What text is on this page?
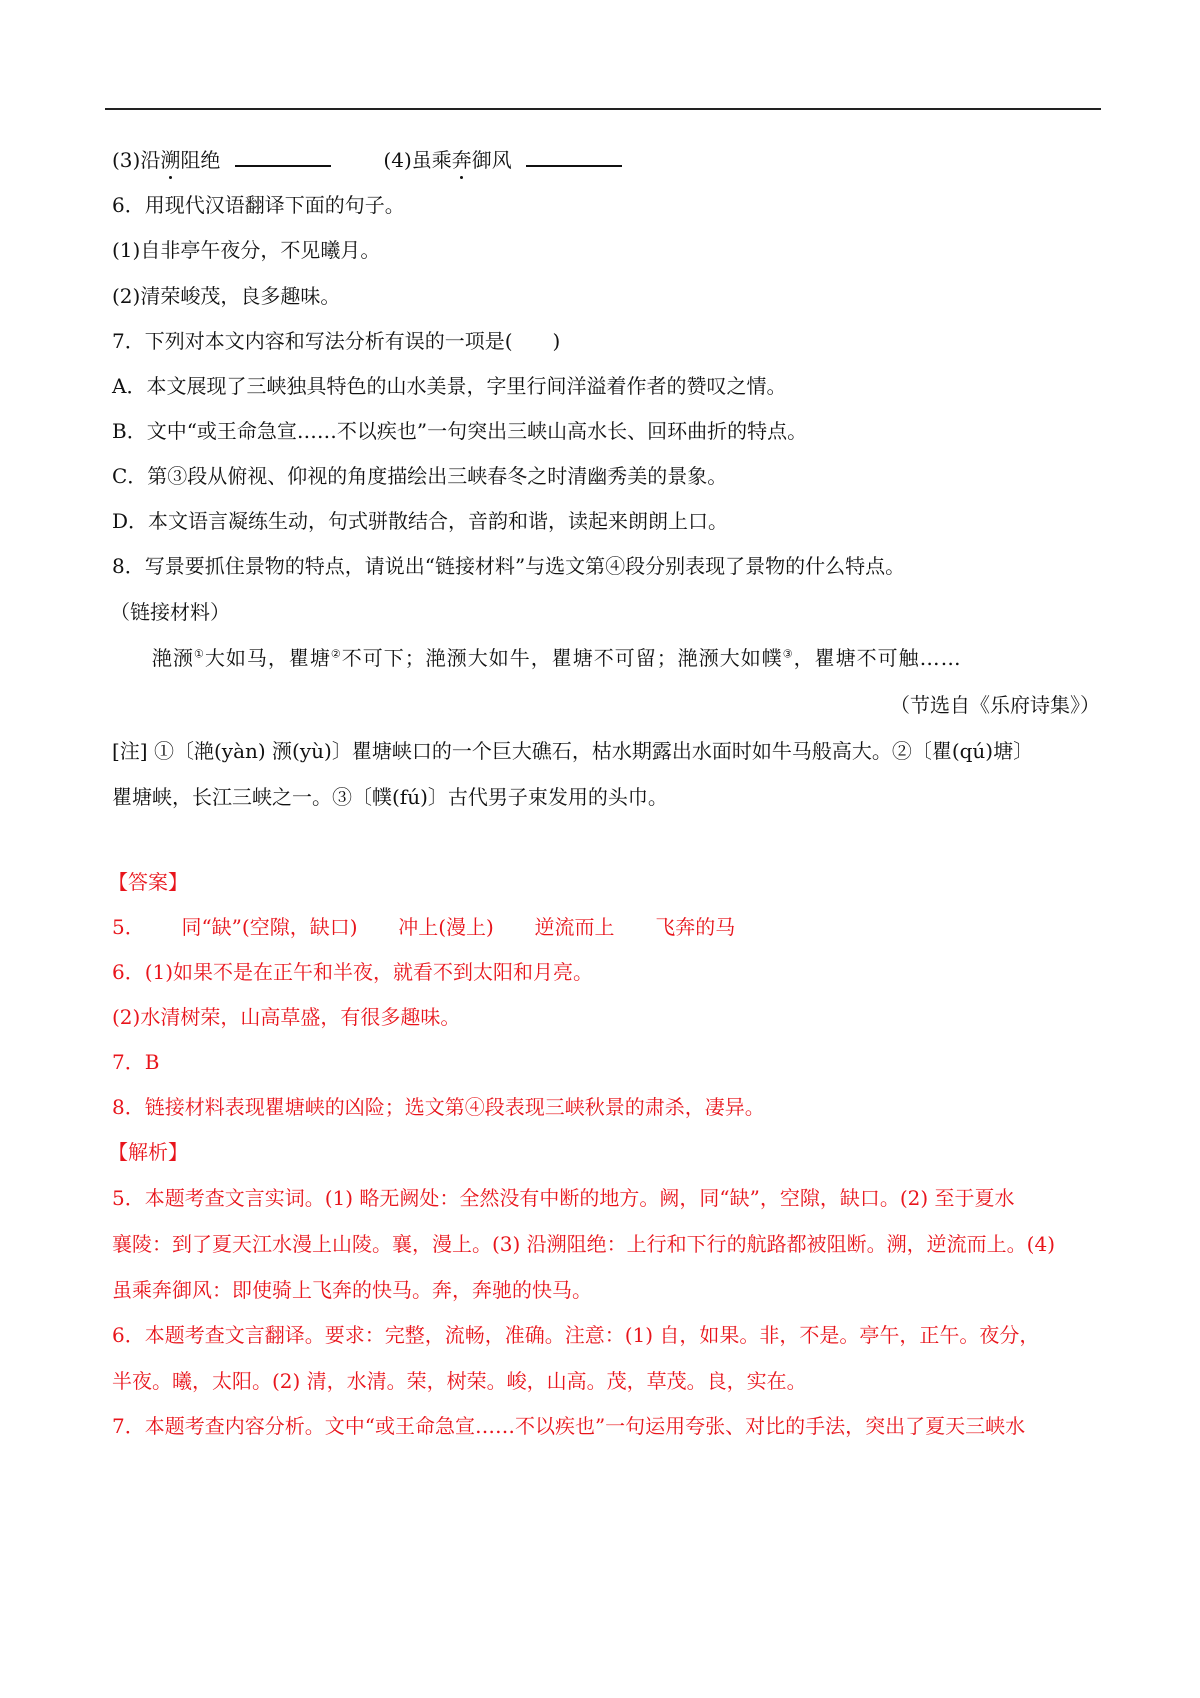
(3)沿溯阻绝	(4)虽乘奔御风
6．用现代汉语翻译下面的句子。
(1)自非亭午夜分，不见曦月。
(2)清荣峻茂，良多趣味。
7．下列对本文内容和写法分析有误的一项是(　　)
A．本文展现了三峡独具特色的山水美景，字里行间洋溢着作者的赞叹之情。
B．文中“或王命急宣……不以疾也”一句突出三峡山高水长、回环曲折的特点。
C．第③段从俯视、仰视的角度描绘出三峡春冬之时清幽秀美的景象。
D．本文语言凝练生动，句式骈散结合，音韵和谐，读起来朗朗上口。
8．写景要抓住景物的特点，请说出“链接材料”与选文第④段分别表现了景物的什么特点。
（链接材料）
滟滪①大如马，瞿塘②不可下；滟滪大如牛，瞿塘不可留；滟滪大如幞③，瞿塘不可触……
（节选自《乐府诗集》）
[注] ①〔滟(yàn) 滪(yù)〕瞿塘峡口的一个巨大礁石，枯水期露出水面时如牛马般高大。②〔瞿(qú)塘〕
瞿塘峡，长江三峡之一。③〔幞(fú)〕古代男子束发用的头巾。
【答案】
5． 同“缺”(空隙，缺口) 冲上(漫上) 逆流而上 飞奔的马
6．(1)如果不是在正午和半夜，就看不到太阳和月亮。
(2)水清树荣，山高草盛，有很多趣味。
7．B
8．链接材料表现瞿塘峡的凶险；选文第④段表现三峡秋景的肃杀，凄异。
【解析】
5．本题考查文言实词。(1) 略无阙处：全然没有中断的地方。阙，同“缺”，空隙，缺口。(2) 至于夏水
襄陵：到了夏天江水漫上山陵。襄，漫上。(3) 沿溯阻绝：上行和下行的航路都被阻断。溯，逆流而上。(4)
虽乘奔御风：即使骑上飞奔的快马。奔，奔驰的快马。
6．本题考查文言翻译。要求：完整，流畅，准确。注意：(1) 自，如果。非，不是。亭午，正午。夜分，
半夜。曦，太阳。(2) 清，水清。荣，树荣。峻，山高。茂，草茂。良，实在。
7．本题考查内容分析。文中“或王命急宣……不以疾也”一句运用夸张、对比的手法，突出了夏天三峡水
